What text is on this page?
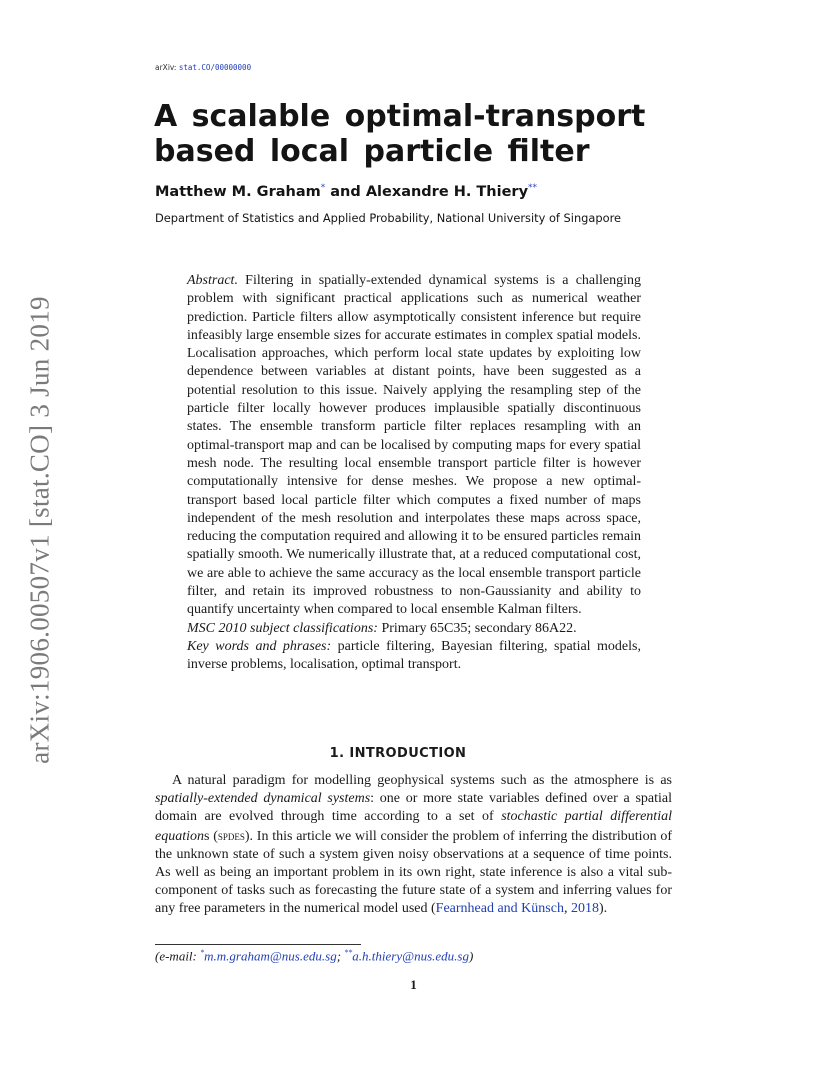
arXiv:1906.00507v1 [stat.CO] 3 Jun 2019
arXiv: stat.CO/00000000
A scalable optimal-transport
based local particle filter
Matthew M. Graham* and Alexandre H. Thiery**
Department of Statistics and Applied Probability, National University of Singapore

Abstract. Filtering in spatially-extended dynamical systems is a challenging problem with significant practical applications such as numerical weather prediction. Particle filters allow asymptotically consistent inference but require infeasibly large ensemble sizes for accurate estimates in complex spatial models. Localisation approaches, which perform local state updates by exploiting low dependence between variables at distant points, have been suggested as a potential resolution to this issue. Naively applying the resampling step of the particle filter locally however produces implausible spatially discontinuous states. The ensemble transform particle filter replaces resampling with an optimal-transport map and can be localised by computing maps for every spatial mesh node. The resulting local ensemble transport particle filter is however computationally intensive for dense meshes. We propose a new optimal-transport based local particle filter which computes a fixed number of maps independent of the mesh resolution and interpolates these maps across space, reducing the computation required and allowing it to be ensured particles remain spatially smooth. We numerically illustrate that, at a reduced computational cost, we are able to achieve the same accuracy as the local ensemble transport particle filter, and retain its improved robustness to non-Gaussianity and ability to quantify uncertainty when compared to local ensemble Kalman filters.

MSC 2010 subject classifications: Primary 65C35; secondary 86A22.

Key words and phrases: particle filtering, Bayesian filtering, spatial models, inverse problems, localisation, optimal transport.

1. INTRODUCTION

A natural paradigm for modelling geophysical systems such as the atmosphere is as spatially-extended dynamical systems: one or more state variables defined over a spatial domain are evolved through time according to a set of stochastic partial differential equations (spdes). In this article we will consider the problem of inferring the distribution of the unknown state of such a system given noisy observations at a sequence of time points. As well as being an important problem in its own right, state inference is also a vital sub-component of tasks such as forecasting the future state of a system and inferring values for any free parameters in the numerical model used (Fearnhead and Künsch, 2018).

(e-mail: *m.m.graham@nus.edu.sg; **a.h.thiery@nus.edu.sg)
1
